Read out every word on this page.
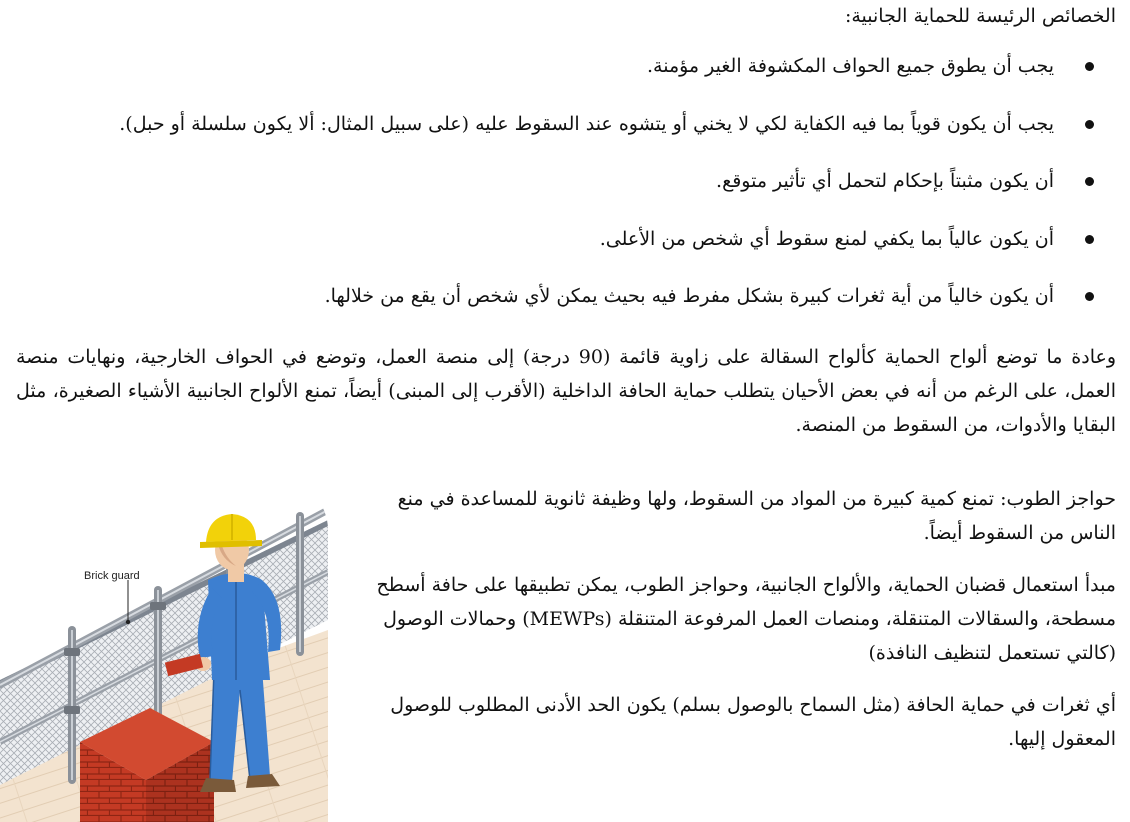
الخصائص الرئيسة للحماية الجانبية:
يجب أن يطوق جميع الحواف المكشوفة الغير مؤمنة.
يجب أن يكون قوياً بما فيه الكفاية لكي لا يخني أو يتشوه عند السقوط عليه (على سبيل المثال: ألا يكون سلسلة أو حبل).
أن يكون مثبتاً بإحكام لتحمل أي تأثير متوقع.
أن يكون عالياً بما يكفي لمنع سقوط أي شخص من الأعلى.
أن يكون خالياً من أية ثغرات كبيرة بشكل مفرط فيه بحيث يمكن لأي شخص أن يقع من خلالها.
وعادة ما توضع ألواح الحماية كألواح السقالة على زاوية قائمة (90 درجة) إلى منصة العمل، وتوضع في الحواف الخارجية، ونهايات منصة العمل، على الرغم من أنه في بعض الأحيان يتطلب حماية الحافة الداخلية (الأقرب إلى المبنى) أيضاً، تمنع الألواح الجانبية الأشياء الصغيرة، مثل البقايا والأدوات، من السقوط من المنصة.
Brick guard

حواجز الطوب: تمنع كمية كبيرة من المواد من السقوط، ولها وظيفة ثانوية للمساعدة في منع الناس من السقوط أيضاً.

مبدأ استعمال قضبان الحماية، والألواح الجانبية، وحواجز الطوب، يمكن تطبيقها على حافة أسطح مسطحة، والسقالات المتنقلة، ومنصات العمل المرفوعة المتنقلة (MEWPs) وحمالات الوصول (كالتي تستعمل لتنظيف النافذة)

أي ثغرات في حماية الحافة (مثل السماح بالوصول بسلم) يكون الحد الأدنى المطلوب للوصول المعقول إليها.
